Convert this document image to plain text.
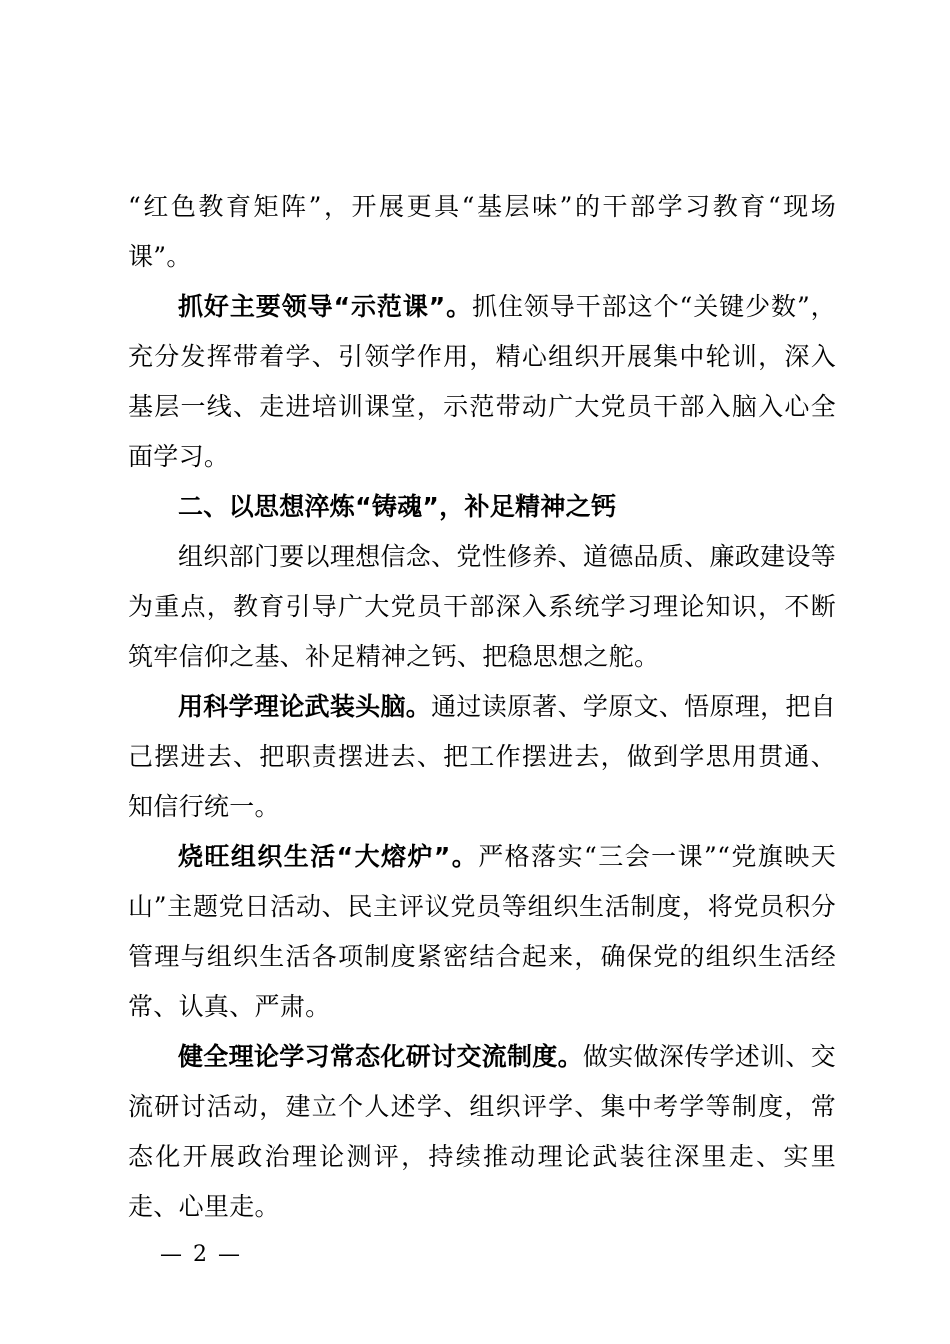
“红色教育矩阵”，开展更具“基层味”的干部学习教育“现场课”。

抓好主要领导“示范课”。抓住领导干部这个“关键少数”，充分发挥带着学、引领学作用，精心组织开展集中轮训，深入基层一线、走进培训课堂，示范带动广大党员干部入脑入心全面学习。

二、以思想淬炼“铸魂”，补足精神之钙

组织部门要以理想信念、党性修养、道德品质、廉政建设等为重点，教育引导广大党员干部深入系统学习理论知识，不断筑牢信仰之基、补足精神之钙、把稳思想之舵。

用科学理论武装头脑。通过读原著、学原文、悟原理，把自己摆进去、把职责摆进去、把工作摆进去，做到学思用贯通、知信行统一。

烧旺组织生活“大熔炉”。严格落实“三会一课”“党旗映天山”主题党日活动、民主评议党员等组织生活制度，将党员积分管理与组织生活各项制度紧密结合起来，确保党的组织生活经常、认真、严肃。

健全理论学习常态化研讨交流制度。做实做深传学述训、交流研讨活动，建立个人述学、组织评学、集中考学等制度，常态化开展政治理论测评，持续推动理论武装往深里走、实里走、心里走。

— 2 —
